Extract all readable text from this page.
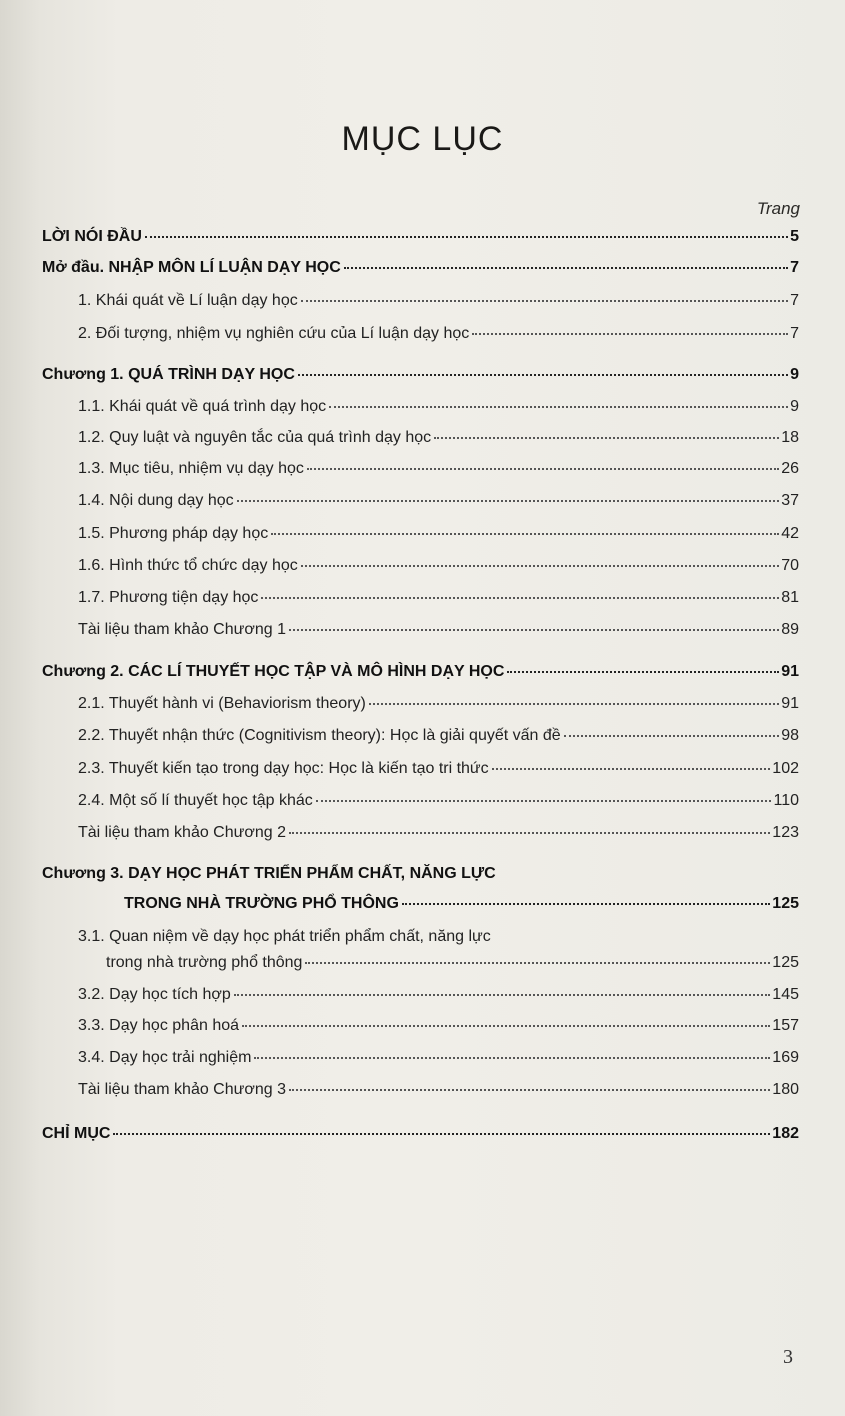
MỤC LỤC
Trang
LỜI NÓI ĐẦU	5
Mở đầu. NHẬP MÔN LÍ LUẬN DẠY HỌC	7
1. Khái quát về Lí luận dạy học	7
2. Đối tượng, nhiệm vụ nghiên cứu của Lí luận dạy học	7
Chương 1. QUÁ TRÌNH DẠY HỌC	9
1.1. Khái quát về quá trình dạy học	9
1.2. Quy luật và nguyên tắc của quá trình dạy học	18
1.3. Mục tiêu, nhiệm vụ dạy học	26
1.4. Nội dung dạy học	37
1.5. Phương pháp dạy học	42
1.6. Hình thức tổ chức dạy học	70
1.7. Phương tiện dạy học	81
Tài liệu tham khảo Chương 1	89
Chương 2. CÁC LÍ THUYẾT HỌC TẬP VÀ MÔ HÌNH DẠY HỌC	91
2.1. Thuyết hành vi (Behaviorism theory)	91
2.2. Thuyết nhận thức (Cognitivism theory): Học là giải quyết vấn đề	98
2.3. Thuyết kiến tạo trong dạy học: Học là kiến tạo tri thức	102
2.4. Một số lí thuyết học tập khác	110
Tài liệu tham khảo Chương 2	123
Chương 3. DẠY HỌC PHÁT TRIỂN PHẨM CHẤT, NĂNG LỰC
TRONG NHÀ TRƯỜNG PHỔ THÔNG	125
3.1. Quan niệm về dạy học phát triển phẩm chất, năng lực
trong nhà trường phổ thông	125
3.2. Dạy học tích hợp	145
3.3. Dạy học phân hoá	157
3.4. Dạy học trải nghiệm	169
Tài liệu tham khảo Chương 3	180
CHỈ MỤC	182
3
